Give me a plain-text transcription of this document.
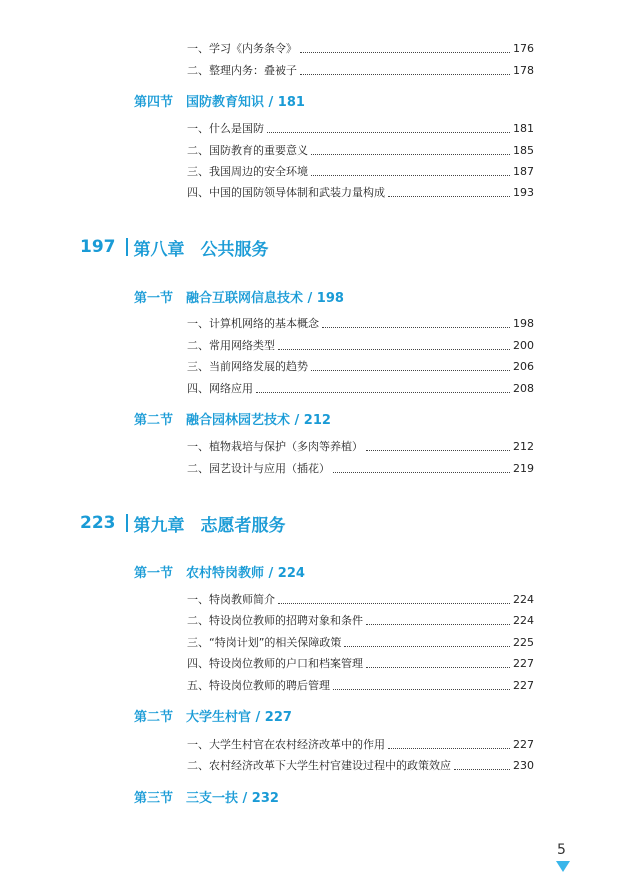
一、学习《内务条令》	176
二、整理内务：叠被子	178
第四节 国防教育知识 / 181
一、什么是国防	181
二、国防教育的重要意义	185
三、我国周边的安全环境	187
四、中国的国防领导体制和武装力量构成	193
197 第八章 公共服务
第一节 融合互联网信息技术 / 198
一、计算机网络的基本概念	198
二、常用网络类型	200
三、当前网络发展的趋势	206
四、网络应用	208
第二节 融合园林园艺技术 / 212
一、植物栽培与保护（多肉等养植）	212
二、园艺设计与应用（插花）	219
223 第九章 志愿者服务
第一节 农村特岗教师 / 224
一、特岗教师简介	224
二、特设岗位教师的招聘对象和条件	224
三、“特岗计划”的相关保障政策	225
四、特设岗位教师的户口和档案管理	227
五、特设岗位教师的聘后管理	227
第二节 大学生村官 / 227
一、大学生村官在农村经济改革中的作用	227
二、农村经济改革下大学生村官建设过程中的政策效应	230
第三节 三支一扶 / 232
5
